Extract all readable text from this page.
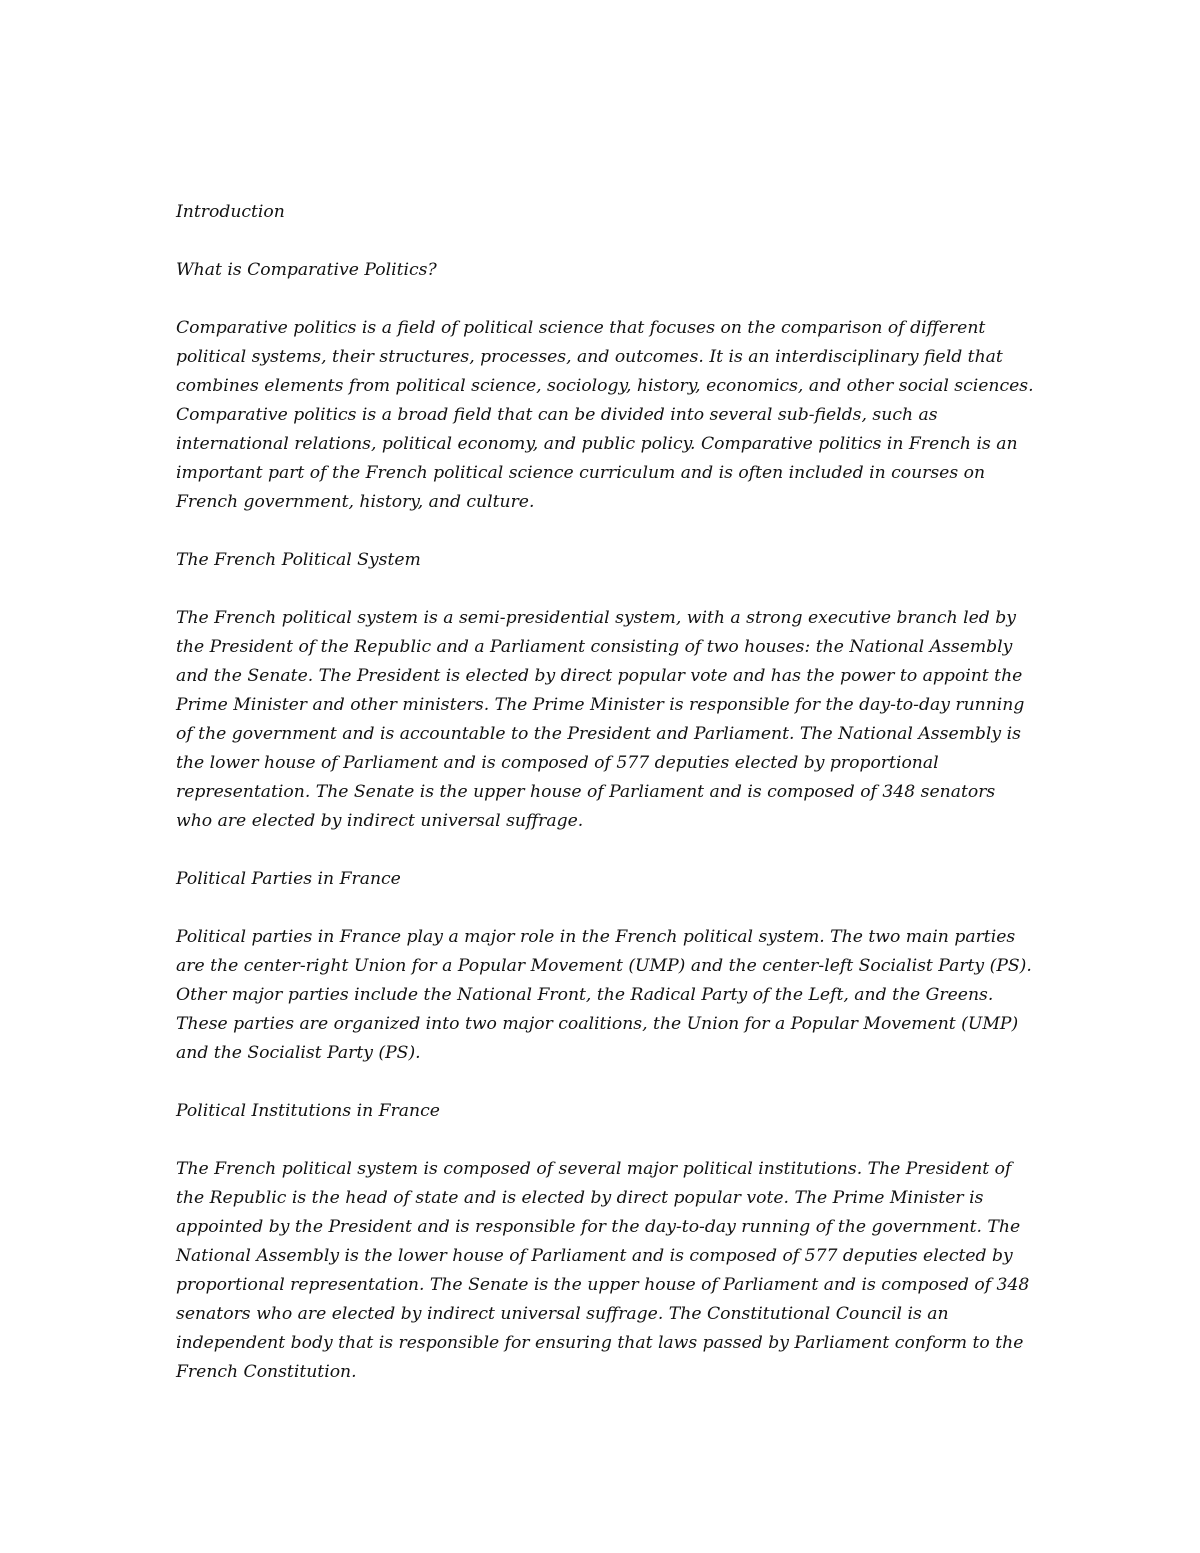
Introduction

What is Comparative Politics?

Comparative politics is a field of political science that focuses on the comparison of different political systems, their structures, processes, and outcomes. It is an interdisciplinary field that combines elements from political science, sociology, history, economics, and other social sciences. Comparative politics is a broad field that can be divided into several sub-fields, such as international relations, political economy, and public policy. Comparative politics in French is an important part of the French political science curriculum and is often included in courses on French government, history, and culture.

The French Political System

The French political system is a semi-presidential system, with a strong executive branch led by the President of the Republic and a Parliament consisting of two houses: the National Assembly and the Senate. The President is elected by direct popular vote and has the power to appoint the Prime Minister and other ministers. The Prime Minister is responsible for the day-to-day running of the government and is accountable to the President and Parliament. The National Assembly is the lower house of Parliament and is composed of 577 deputies elected by proportional representation. The Senate is the upper house of Parliament and is composed of 348 senators who are elected by indirect universal suffrage.

Political Parties in France

Political parties in France play a major role in the French political system. The two main parties are the center-right Union for a Popular Movement (UMP) and the center-left Socialist Party (PS). Other major parties include the National Front, the Radical Party of the Left, and the Greens. These parties are organized into two major coalitions, the Union for a Popular Movement (UMP) and the Socialist Party (PS).

Political Institutions in France

The French political system is composed of several major political institutions. The President of the Republic is the head of state and is elected by direct popular vote. The Prime Minister is appointed by the President and is responsible for the day-to-day running of the government. The National Assembly is the lower house of Parliament and is composed of 577 deputies elected by proportional representation. The Senate is the upper house of Parliament and is composed of 348 senators who are elected by indirect universal suffrage. The Constitutional Council is an independent body that is responsible for ensuring that laws passed by Parliament conform to the French Constitution.
